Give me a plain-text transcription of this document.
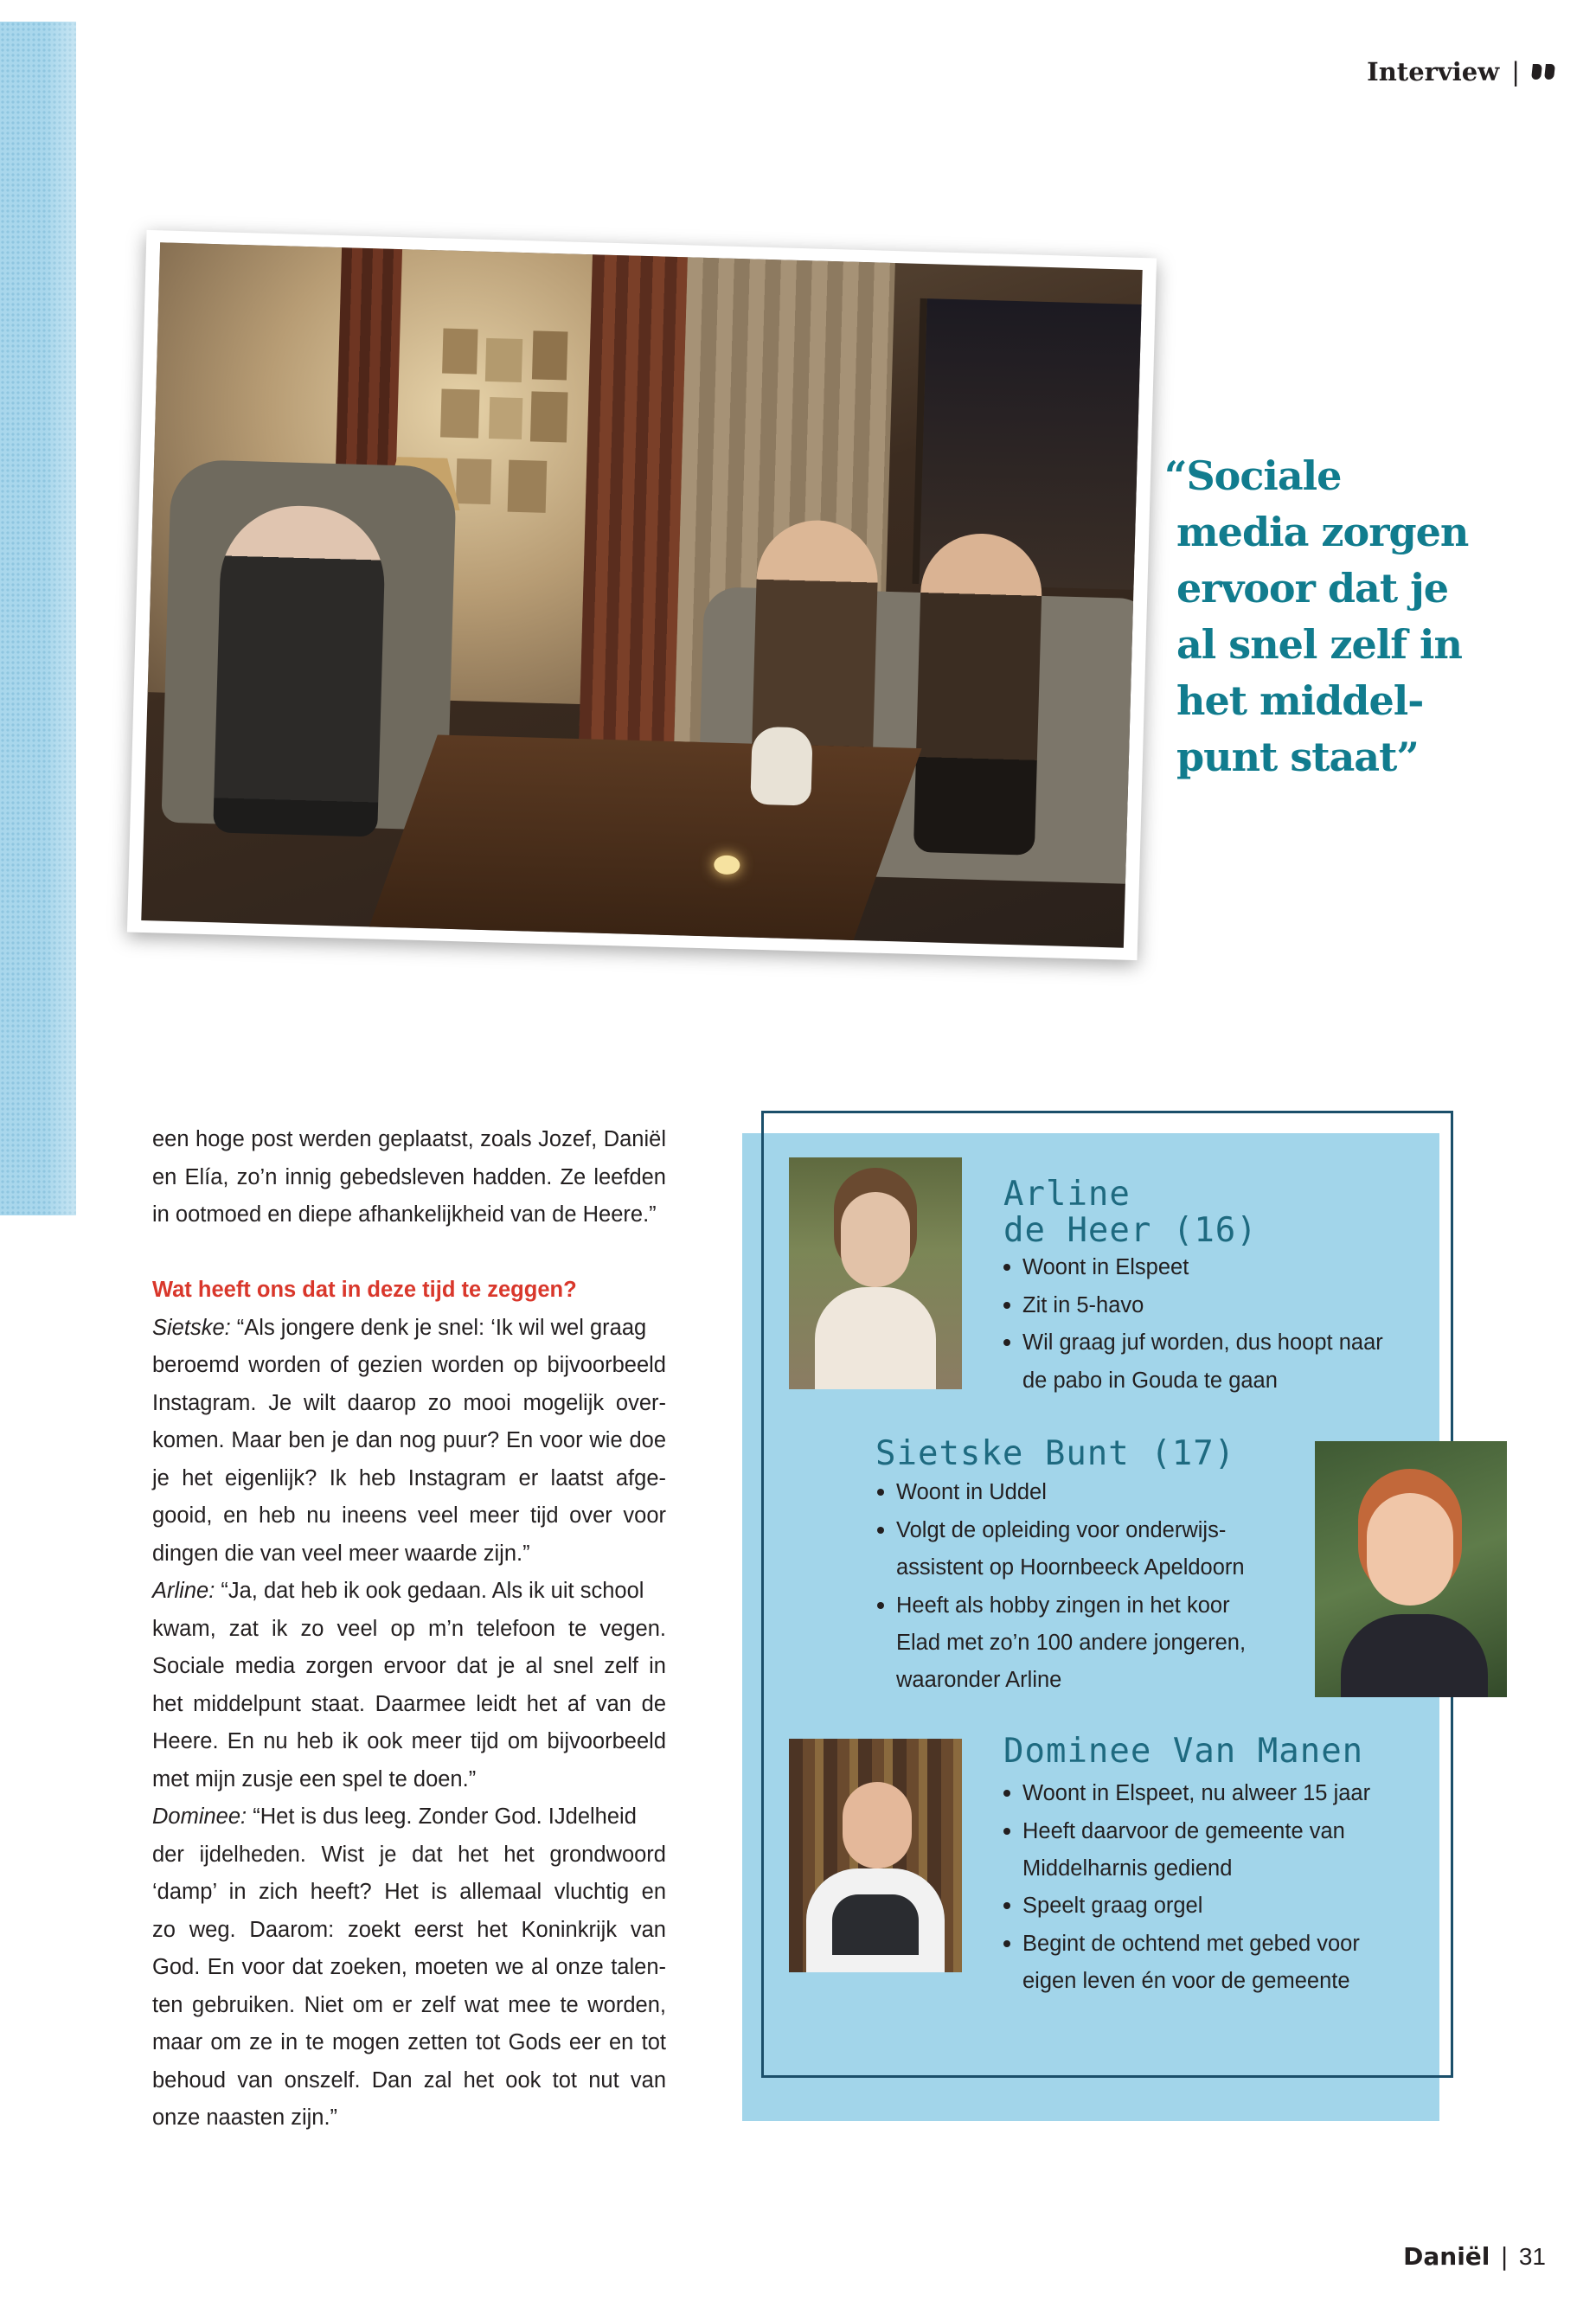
Interview |
“Sociale
media zorgen
ervoor dat je
al snel zelf in
het middel-
punt staat”
een hoge post werden geplaatst, zoals Jozef, Daniël
en Elía, zo’n innig gebedsleven hadden. Ze leefden
in ootmoed en diepe afhankelijkheid van de Heere.”
Wat heeft ons dat in deze tijd te zeggen?
Sietske: “Als jongere denk je snel: ‘Ik wil wel graag
beroemd worden of gezien worden op bijvoorbeeld
Instagram. Je wilt daarop zo mooi mogelijk over-
komen. Maar ben je dan nog puur? En voor wie doe
je het eigenlijk? Ik heb Instagram er laatst afge-
gooid, en heb nu ineens veel meer tijd over voor
dingen die van veel meer waarde zijn.”
Arline: “Ja, dat heb ik ook gedaan. Als ik uit school
kwam, zat ik zo veel op m’n telefoon te vegen.
Sociale media zorgen ervoor dat je al snel zelf in
het middelpunt staat. Daarmee leidt het af van de
Heere. En nu heb ik ook meer tijd om bijvoorbeeld
met mijn zusje een spel te doen.”
Dominee: “Het is dus leeg. Zonder God. IJdelheid
der ijdelheden. Wist je dat het het grondwoord
‘damp’ in zich heeft? Het is allemaal vluchtig en
zo weg. Daarom: zoekt eerst het Koninkrijk van
God. En voor dat zoeken, moeten we al onze talen-
ten gebruiken. Niet om er zelf wat mee te worden,
maar om ze in te mogen zetten tot Gods eer en tot
behoud van onszelf. Dan zal het ook tot nut van
onze naasten zijn.”
Arline
de Heer (16)
Woont in Elspeet
Zit in 5-havo
Wil graag juf worden, dus hoopt naar
de pabo in Gouda te gaan
Sietske Bunt (17)
Woont in Uddel
Volgt de opleiding voor onderwijs-
assistent op Hoornbeeck Apeldoorn
Heeft als hobby zingen in het koor
Elad met zo’n 100 andere jongeren,
waaronder Arline
Dominee Van Manen
Woont in Elspeet, nu alweer 15 jaar
Heeft daarvoor de gemeente van
Middelharnis gediend
Speelt graag orgel
Begint de ochtend met gebed voor
eigen leven én voor de gemeente
Daniël | 31
